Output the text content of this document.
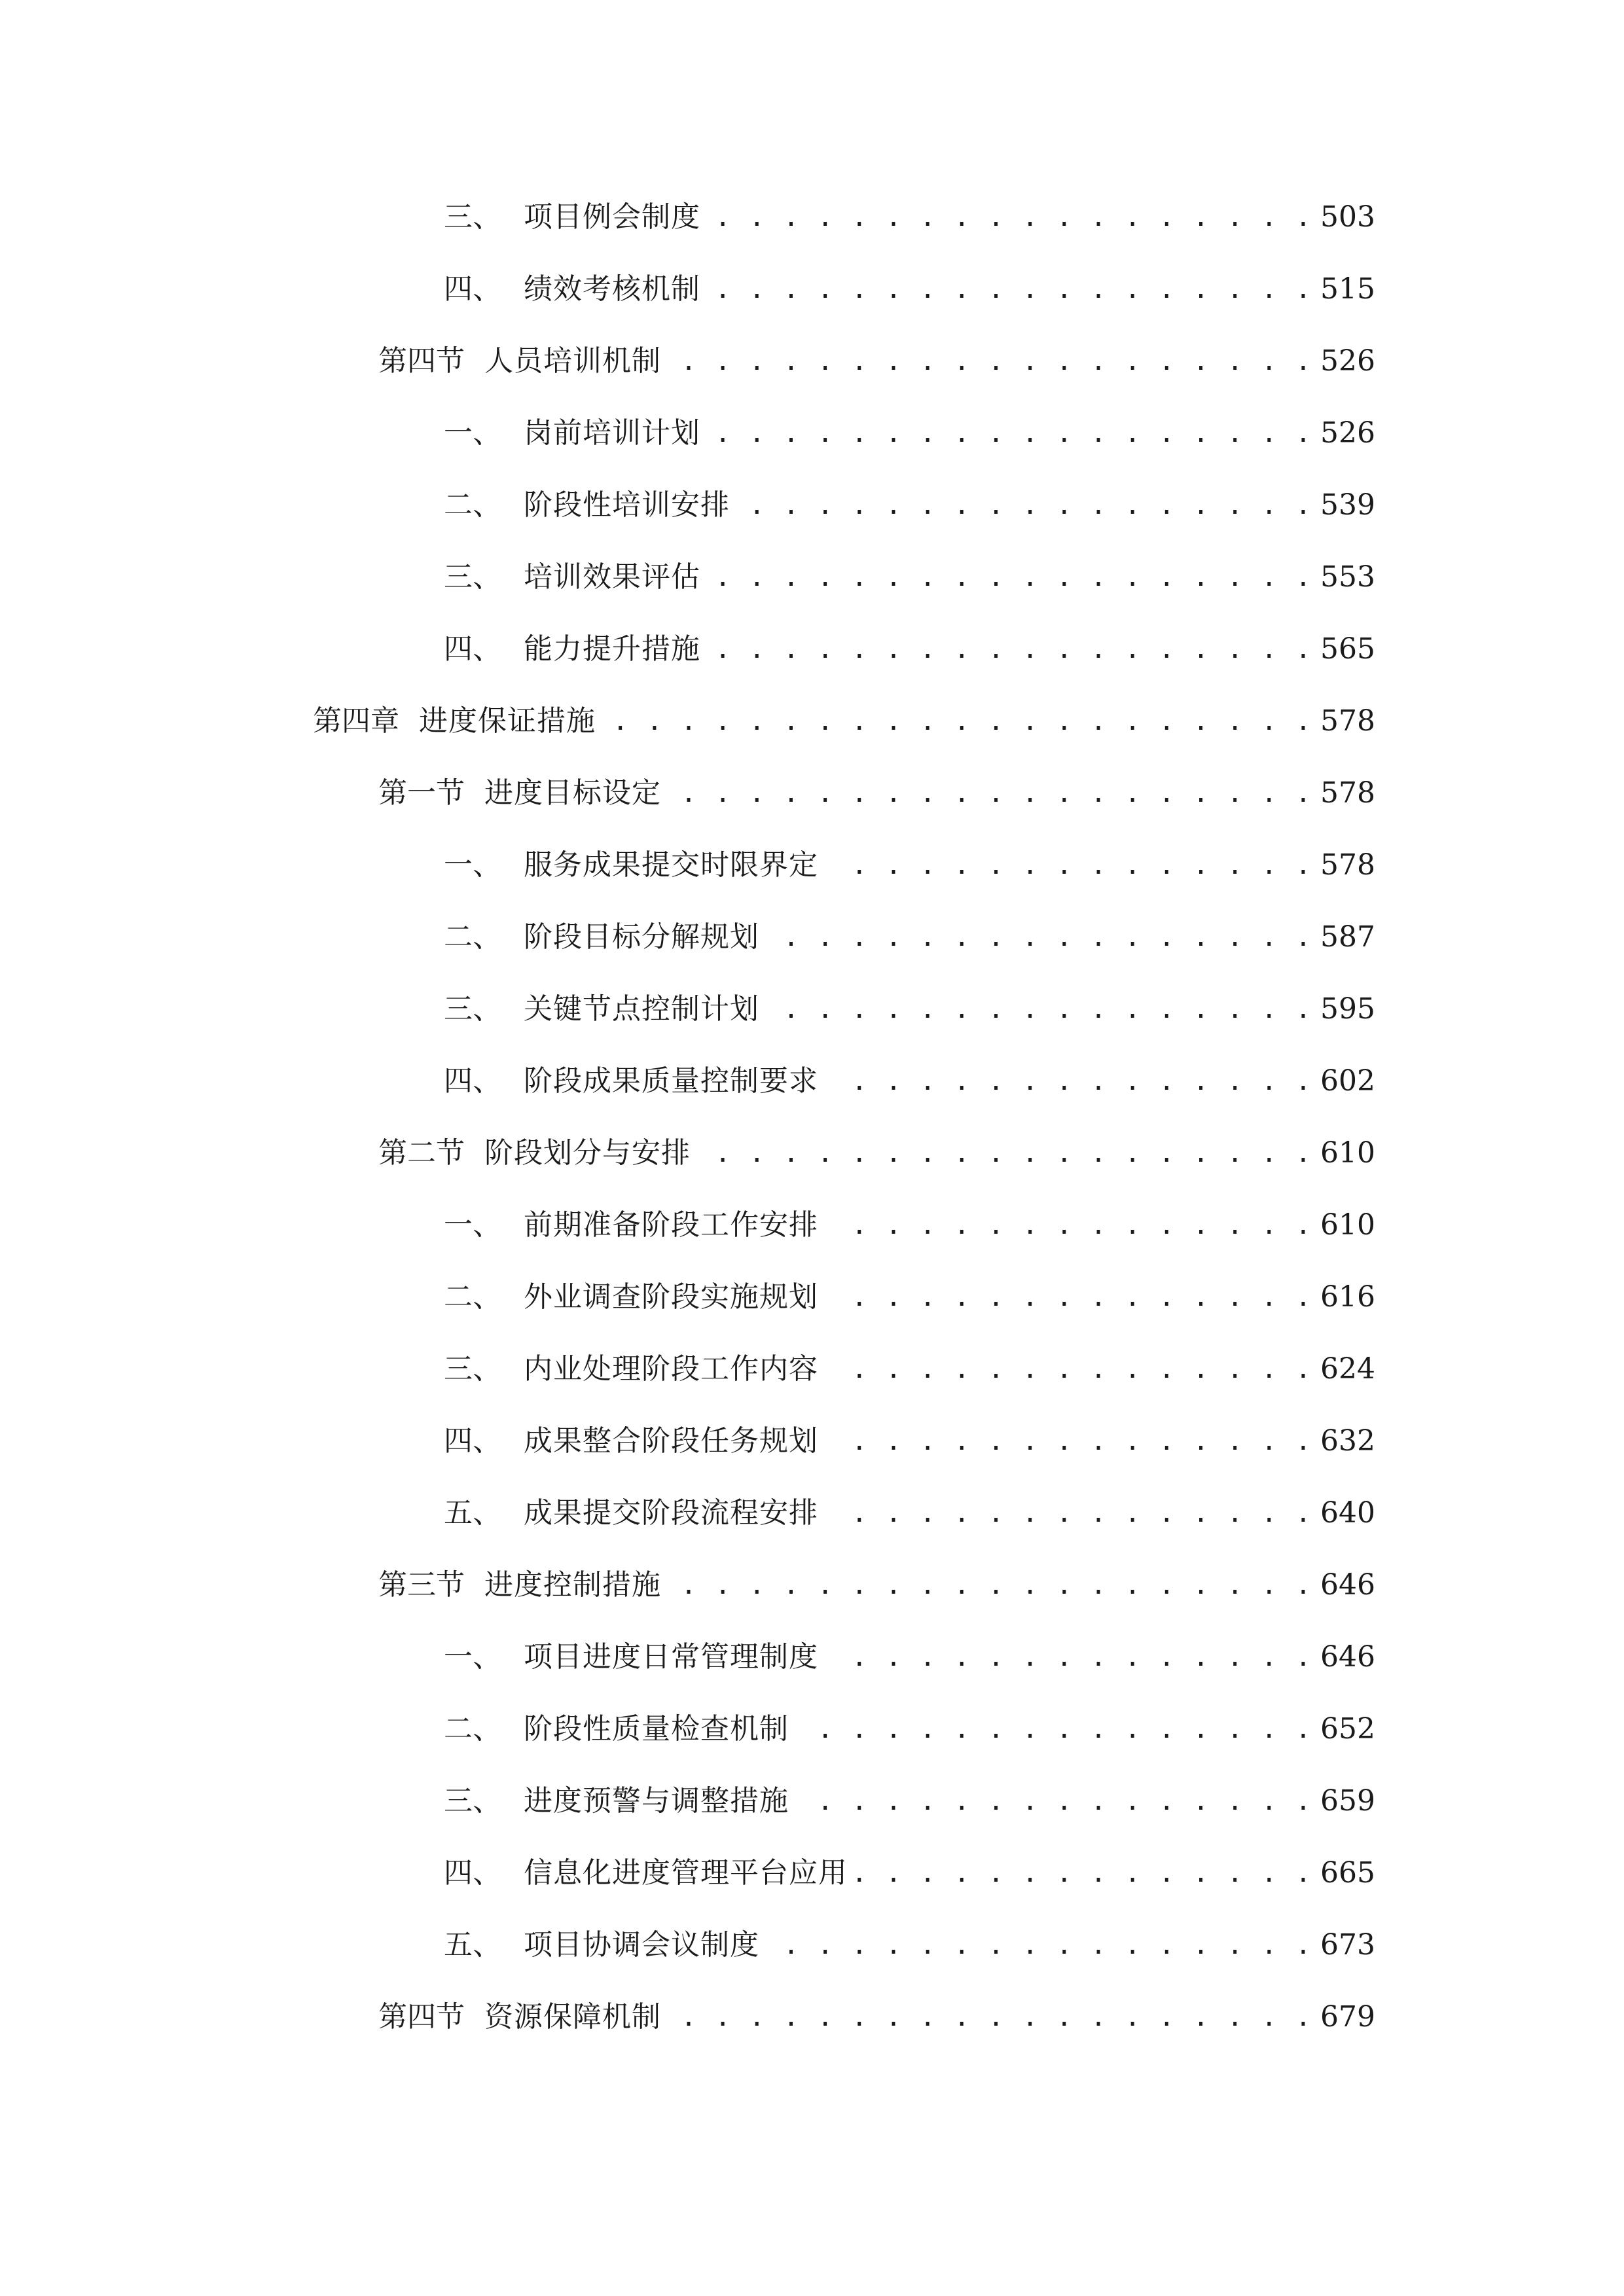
三、 项目例会制度 . . .	503
四、 绩效考核机制 . . .	515
第四节 人员培训机制 . . .	526
一、 岗前培训计划 . . .	526
二、 阶段性培训安排 . . .	539
三、 培训效果评估 . . .	553
四、 能力提升措施 . . .	565
第四章 进度保证措施 . . .	578
第一节 进度目标设定 . . .	578
一、 服务成果提交时限界定 . . .	578
二、 阶段目标分解规划 . . .	587
三、 关键节点控制计划 . . .	595
四、 阶段成果质量控制要求 . . .	602
第二节 阶段划分与安排 . . .	610
一、 前期准备阶段工作安排 . . .	610
二、 外业调查阶段实施规划 . . .	616
三、 内业处理阶段工作内容 . . .	624
四、 成果整合阶段任务规划 . . .	632
五、 成果提交阶段流程安排 . . .	640
第三节 进度控制措施 . . .	646
一、 项目进度日常管理制度 . . .	646
二、 阶段性质量检查机制 . . .	652
三、 进度预警与调整措施 . . .	659
四、 信息化进度管理平台应用 . . .	665
五、 项目协调会议制度 . . .	673
第四节 资源保障机制 . . .	679
